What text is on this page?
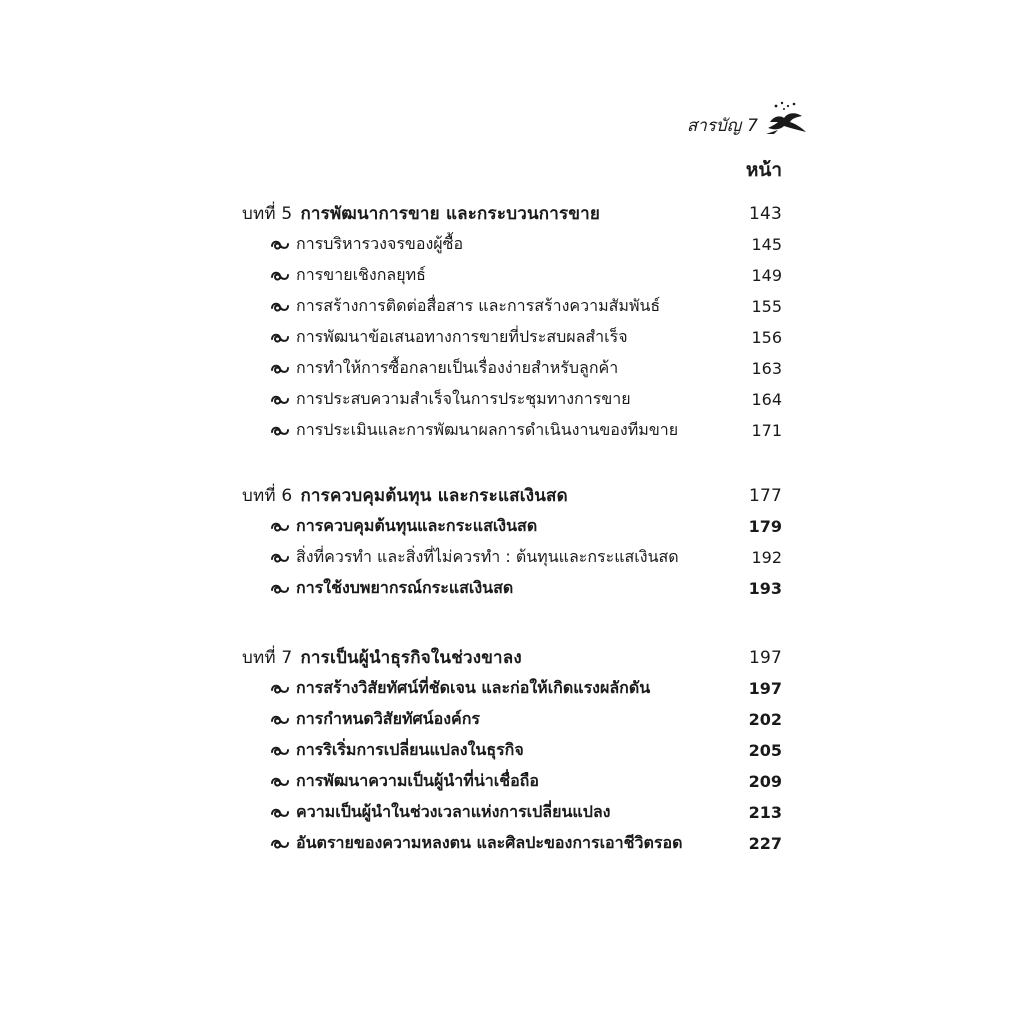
สารบัญ 7
หน้า
บทที่ 5 การพัฒนาการขาย และกระบวนการขาย	143
การบริหารวงจรของผู้ซื้อ	145
การขายเชิงกลยุทธ์	149
การสร้างการติดต่อสื่อสาร และการสร้างความสัมพันธ์	155
การพัฒนาข้อเสนอทางการขายที่ประสบผลสำเร็จ	156
การทำให้การซื้อกลายเป็นเรื่องง่ายสำหรับลูกค้า	163
การประสบความสำเร็จในการประชุมทางการขาย	164
การประเมินและการพัฒนาผลการดำเนินงานของทีมขาย	171
บทที่ 6 การควบคุมต้นทุน และกระแสเงินสด	177
การควบคุมต้นทุนและกระแสเงินสด	179
สิ่งที่ควรทำ และสิ่งที่ไม่ควรทำ : ต้นทุนและกระแสเงินสด	192
การใช้งบพยากรณ์กระแสเงินสด	193
บทที่ 7 การเป็นผู้นำธุรกิจในช่วงขาลง	197
การสร้างวิสัยทัศน์ที่ชัดเจน และก่อให้เกิดแรงผลักดัน	197
การกำหนดวิสัยทัศน์องค์กร	202
การริเริ่มการเปลี่ยนแปลงในธุรกิจ	205
การพัฒนาความเป็นผู้นำที่น่าเชื่อถือ	209
ความเป็นผู้นำในช่วงเวลาแห่งการเปลี่ยนแปลง	213
อันตรายของความหลงตน และศิลปะของการเอาชีวิตรอด	227
